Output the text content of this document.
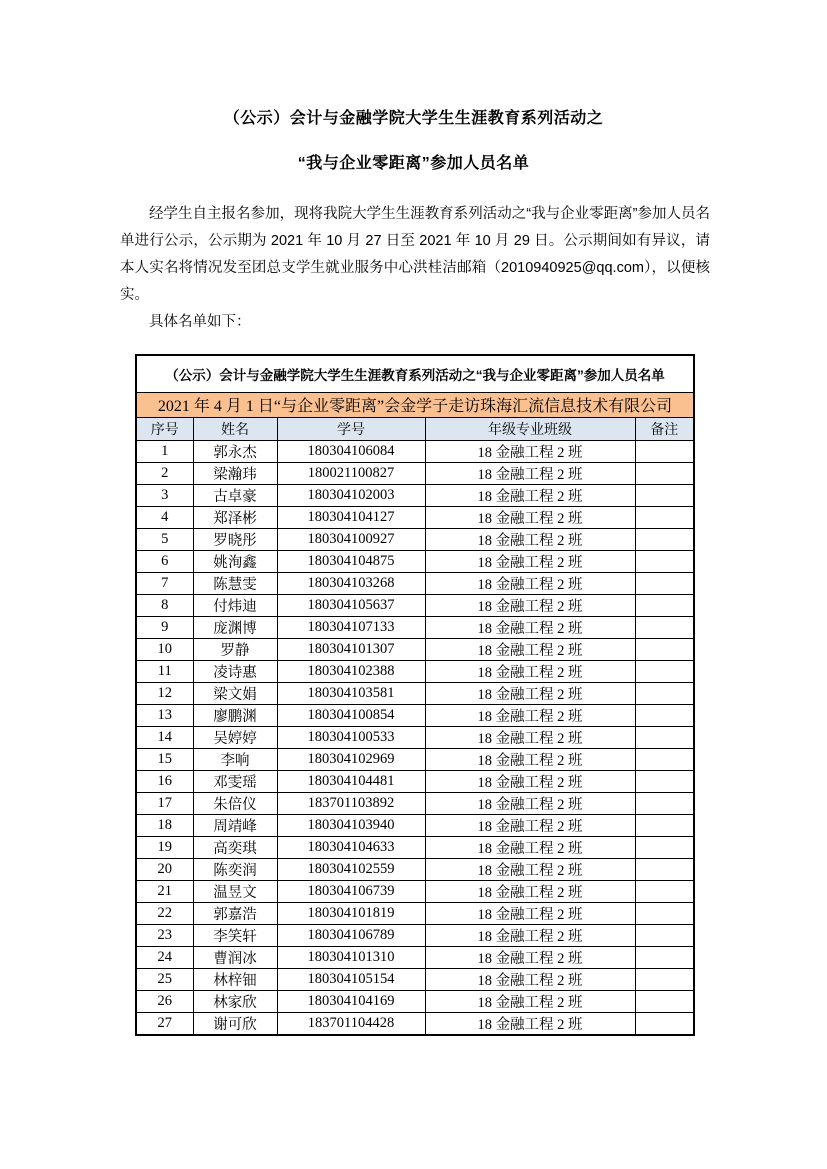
（公示）会计与金融学院大学生生涯教育系列活动之
“我与企业零距离”参加人员名单

经学生自主报名参加，现将我院大学生生涯教育系列活动之“我与企业零距离”参加人员名单进行公示，公示期为 2021 年 10 月 27 日至 2021 年 10 月 29 日。公示期间如有异议，请本人实名将情况发至团总支学生就业服务中心洪桂洁邮箱（2010940925@qq.com），以便核实。

具体名单如下：

（公示）会计与金融学院大学生生涯教育系列活动之“我与企业零距离”参加人员名单				
2021 年 4 月 1 日“与企业零距离”会金学子走访珠海汇流信息技术有限公司				
序号	姓名	学号	年级专业班级	备注
1	郭永杰	180304106084	18 金融工程 2 班	
2	梁瀚玮	180021100827	18 金融工程 2 班	
3	古卓豪	180304102003	18 金融工程 2 班	
4	郑泽彬	180304104127	18 金融工程 2 班	
5	罗晓彤	180304100927	18 金融工程 2 班	
6	姚洵鑫	180304104875	18 金融工程 2 班	
7	陈慧雯	180304103268	18 金融工程 2 班	
8	付炜迪	180304105637	18 金融工程 2 班	
9	庞渊博	180304107133	18 金融工程 2 班	
10	罗静	180304101307	18 金融工程 2 班	
11	凌诗惠	180304102388	18 金融工程 2 班	
12	梁文娟	180304103581	18 金融工程 2 班	
13	廖鹏渊	180304100854	18 金融工程 2 班	
14	吴婷婷	180304100533	18 金融工程 2 班	
15	李响	180304102969	18 金融工程 2 班	
16	邓雯瑶	180304104481	18 金融工程 2 班	
17	朱倍仪	183701103892	18 金融工程 2 班	
18	周靖峰	180304103940	18 金融工程 2 班	
19	高奕琪	180304104633	18 金融工程 2 班	
20	陈奕润	180304102559	18 金融工程 2 班	
21	温昱文	180304106739	18 金融工程 2 班	
22	郭嘉浩	180304101819	18 金融工程 2 班	
23	李笑轩	180304106789	18 金融工程 2 班	
24	曹润冰	180304101310	18 金融工程 2 班	
25	林梓钿	180304105154	18 金融工程 2 班	
26	林家欣	180304104169	18 金融工程 2 班	
27	谢可欣	183701104428	18 金融工程 2 班	
